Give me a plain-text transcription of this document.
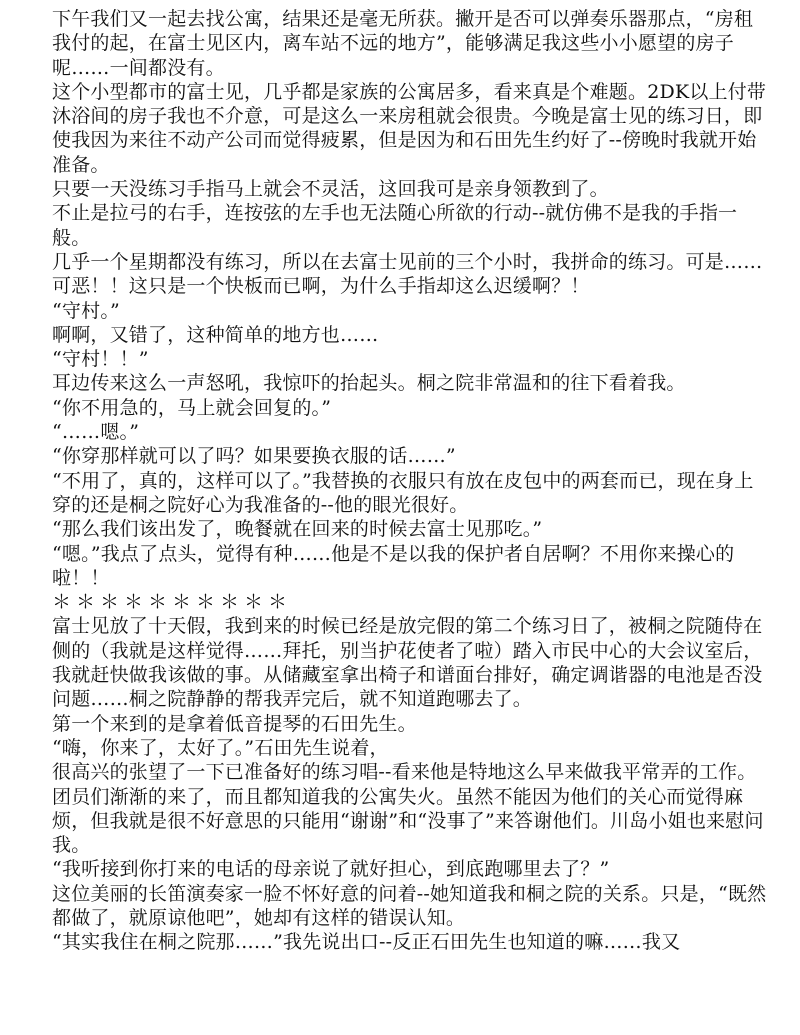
下午我们又一起去找公寓，结果还是毫无所获。撇开是否可以弹奏乐器那点，“房租我付的起，在富士见区内，离车站不远的地方”，能够满足我这些小小愿望的房子呢……一间都没有。

这个小型都市的富士见，几乎都是家族的公寓居多，看来真是个难题。2DK以上付带沐浴间的房子我也不介意，可是这么一来房租就会很贵。今晚是富士见的练习日，即使我因为来往不动产公司而觉得疲累，但是因为和石田先生约好了--傍晚时我就开始准备。

只要一天没练习手指马上就会不灵活，这回我可是亲身领教到了。

不止是拉弓的右手，连按弦的左手也无法随心所欲的行动--就仿佛不是我的手指一般。

几乎一个星期都没有练习，所以在去富士见前的三个小时，我拼命的练习。可是……可恶！！这只是一个快板而已啊，为什么手指却这么迟缓啊？！

“守村。”

啊啊，又错了，这种简单的地方也……

“守村！！”

耳边传来这么一声怒吼，我惊吓的抬起头。桐之院非常温和的往下看着我。

“你不用急的，马上就会回复的。”

“……嗯。”

“你穿那样就可以了吗？如果要换衣服的话……”

“不用了，真的，这样可以了。”我替换的衣服只有放在皮包中的两套而已，现在身上穿的还是桐之院好心为我准备的--他的眼光很好。

“那么我们该出发了，晚餐就在回来的时候去富士见那吃。”

“嗯。”我点了点头，觉得有种……他是不是以我的保护者自居啊？不用你来操心的啦！！

＊＊＊＊＊＊＊＊＊＊

富士见放了十天假，我到来的时候已经是放完假的第二个练习日了，被桐之院随侍在侧的（我就是这样觉得……拜托，别当护花使者了啦）踏入市民中心的大会议室后，我就赶快做我该做的事。从储藏室拿出椅子和谱面台排好，确定调谐器的电池是否没问题……桐之院静静的帮我弄完后，就不知道跑哪去了。

第一个来到的是拿着低音提琴的石田先生。

“嗨，你来了，太好了。”石田先生说着，

很高兴的张望了一下已准备好的练习唱--看来他是特地这么早来做我平常弄的工作。

团员们渐渐的来了，而且都知道我的公寓失火。虽然不能因为他们的关心而觉得麻烦，但我就是很不好意思的只能用“谢谢”和“没事了”来答谢他们。川岛小姐也来慰问我。

“我听接到你打来的电话的母亲说了就好担心，到底跑哪里去了？”

这位美丽的长笛演奏家一脸不怀好意的问着--她知道我和桐之院的关系。只是，“既然都做了，就原谅他吧”，她却有这样的错误认知。

“其实我住在桐之院那……”我先说出口--反正石田先生也知道的嘛……我又
